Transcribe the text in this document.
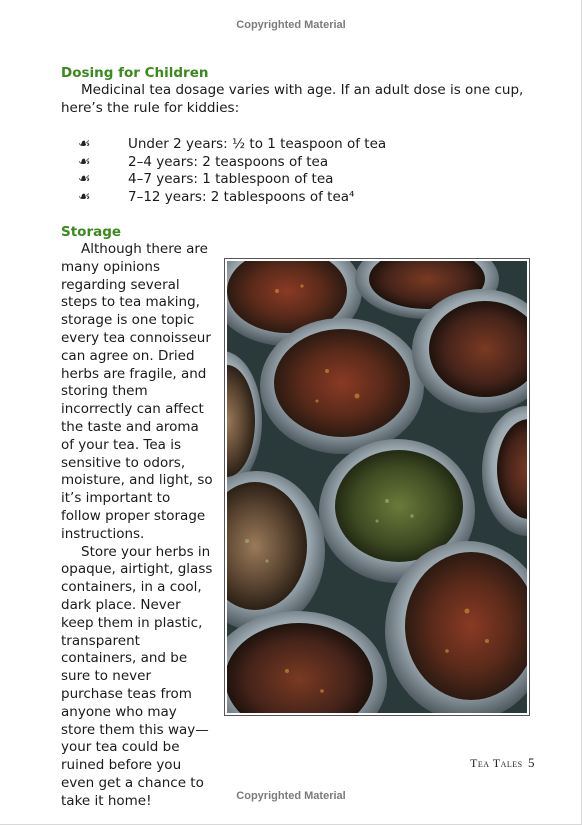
Copyrighted Material
Dosing for Children
Medicinal tea dosage varies with age. If an adult dose is one cup, here’s the rule for kiddies:
☙	Under 2 years: ½ to 1 teaspoon of tea
☙	2–4 years: 2 teaspoons of tea
☙	4–7 years: 1 tablespoon of tea
☙	7–12 years: 2 tablespoons of tea⁴
Storage

Although there are many opinions regarding several steps to tea making, storage is one topic every tea connoisseur can agree on. Dried herbs are fragile, and storing them incorrectly can affect the taste and aroma of your tea. Tea is sensitive to odors, moisture, and light, so it’s important to follow proper storage instructions.

Store your herbs in opaque, airtight, glass containers, in a cool, dark place. Never keep them in plastic, transparent containers, and be sure to never purchase teas from anyone who may store them this way—your tea could be ruined before you even get a chance to take it home!

Tea Tales 5
Copyrighted Material
